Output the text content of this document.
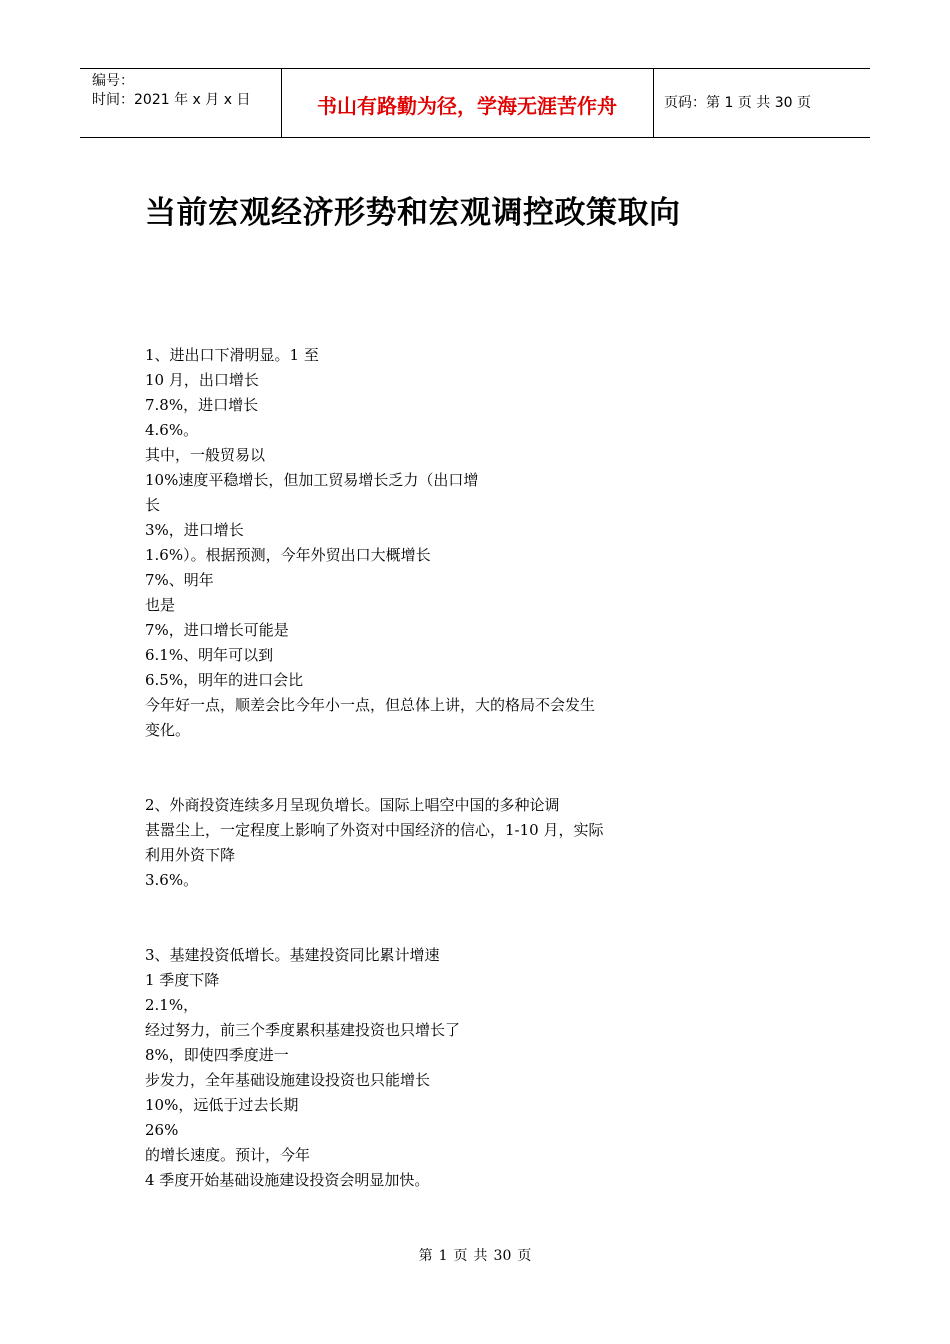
编号：
时间：2021 年 x 月 x 日	书山有路勤为径，学海无涯苦作舟	页码：第 1 页 共 30 页
当前宏观经济形势和宏观调控政策取向
1、进出口下滑明显。1 至
10 月，出口增长
7.8%，进口增长
4.6%。
其中，一般贸易以
10%速度平稳增长，但加工贸易增长乏力（出口增
长
3%，进口增长
1.6%）。根据预测，今年外贸出口大概增长
7%、明年
也是
7%，进口增长可能是
6.1%、明年可以到
6.5%，明年的进口会比
今年好一点，顺差会比今年小一点，但总体上讲，大的格局不会发生
变化。
2、外商投资连续多月呈现负增长。国际上唱空中国的多种论调
甚嚣尘上，一定程度上影响了外资对中国经济的信心，1-10 月，实际
利用外资下降
3.6%。
3、基建投资低增长。基建投资同比累计增速
1 季度下降
2.1%，
经过努力，前三个季度累积基建投资也只增长了
8%，即使四季度进一
步发力，全年基础设施建设投资也只能增长
10%，远低于过去长期
26%
的增长速度。预计，今年
4 季度开始基础设施建设投资会明显加快。
第 1 页 共 30 页
